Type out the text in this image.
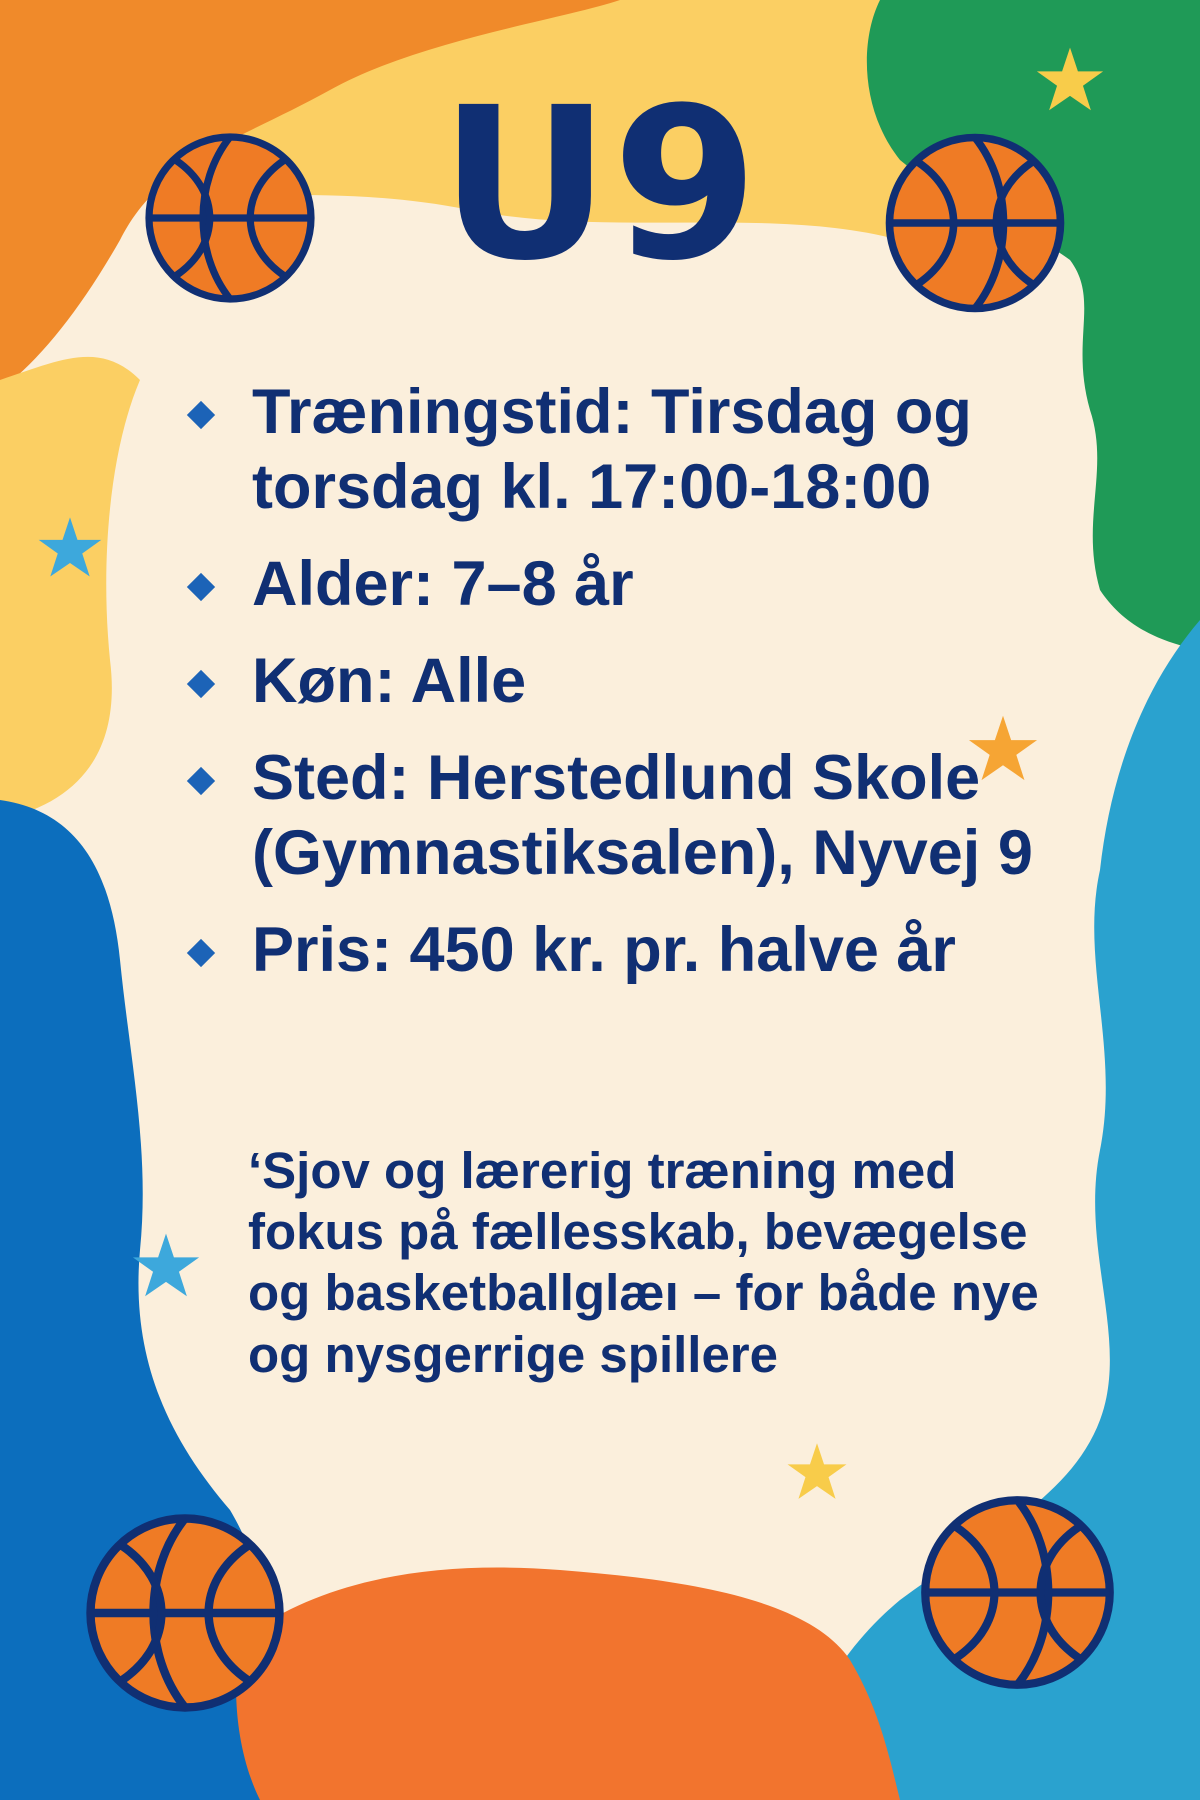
U9
Træningstid: Tirsdag og torsdag kl. 17:00-18:00
Alder: 7–8 år
Køn: Alle
Sted: Herstedlund Skole (Gymnastiksalen), Nyvej 9
Pris: 450 kr. pr. halve år
‘Sjov og lærerig træning med fokus på fællesskab, bevægelse og basketballglæı – for både nye og nysgerrige spillere
